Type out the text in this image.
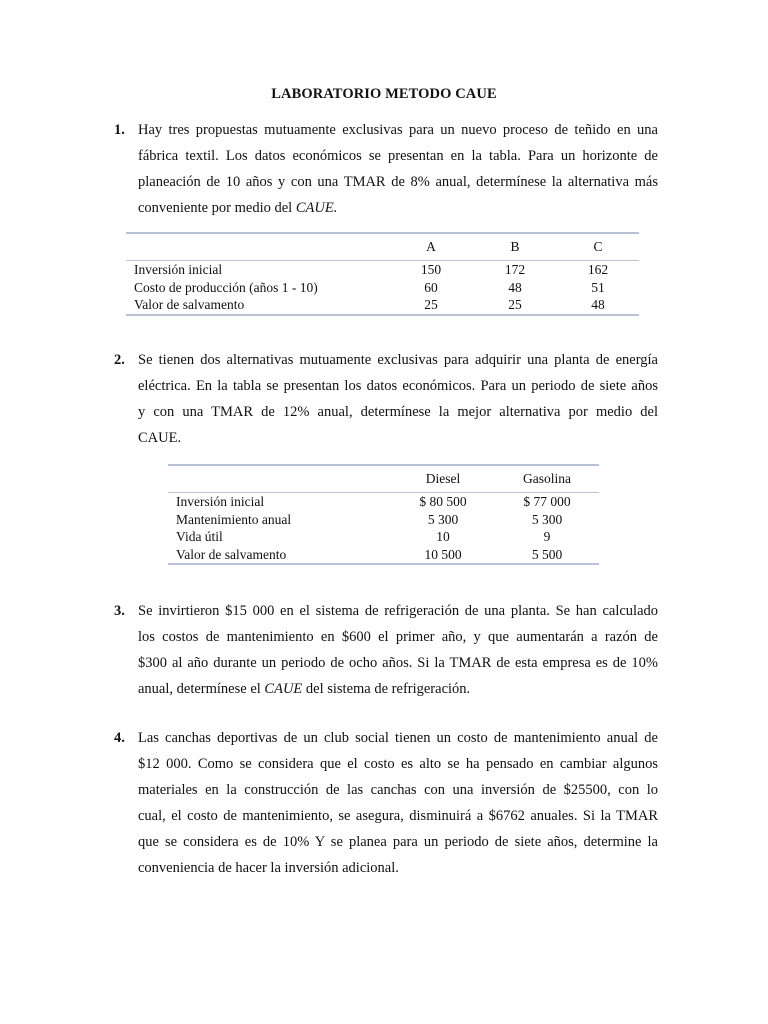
LABORATORIO METODO CAUE
1. Hay tres propuestas mutuamente exclusivas para un nuevo proceso de teñido en una
fábrica textil. Los datos económicos se presentan en la tabla. Para un horizonte de
planeación de 10 años y con una TMAR de 8% anual, determínese la alternativa más
conveniente por medio del CAUE.
	A	B	C
Inversión inicial	150	172	162
Costo de producción (años 1 - 10)	60	48	51
Valor de salvamento	25	25	48
2. Se tienen dos alternativas mutuamente exclusivas para adquirir una planta de energía
eléctrica. En la tabla se presentan los datos económicos. Para un periodo de siete años
y con una TMAR de 12% anual, determínese la mejor alternativa por medio del
CAUE.
	Diesel	Gasolina
Inversión inicial	$ 80 500	$ 77 000
Mantenimiento anual	5 300	5 300
Vida útil	10	9
Valor de salvamento	10 500	5 500
3. Se invirtieron $15 000 en el sistema de refrigeración de una planta. Se han calculado
los costos de mantenimiento en $600 el primer año, y que aumentarán a razón de
$300 al año durante un periodo de ocho años. Si la TMAR de esta empresa es de 10%
anual, determínese el CAUE del sistema de refrigeración.
4. Las canchas deportivas de un club social tienen un costo de mantenimiento anual de
$12 000. Como se considera que el costo es alto se ha pensado en cambiar algunos
materiales en la construcción de las canchas con una inversión de $25500, con lo
cual, el costo de mantenimiento, se asegura, disminuirá a $6762 anuales. Si la TMAR
que se considera es de 10% Y se planea para un periodo de siete años, determine la
conveniencia de hacer la inversión adicional.
